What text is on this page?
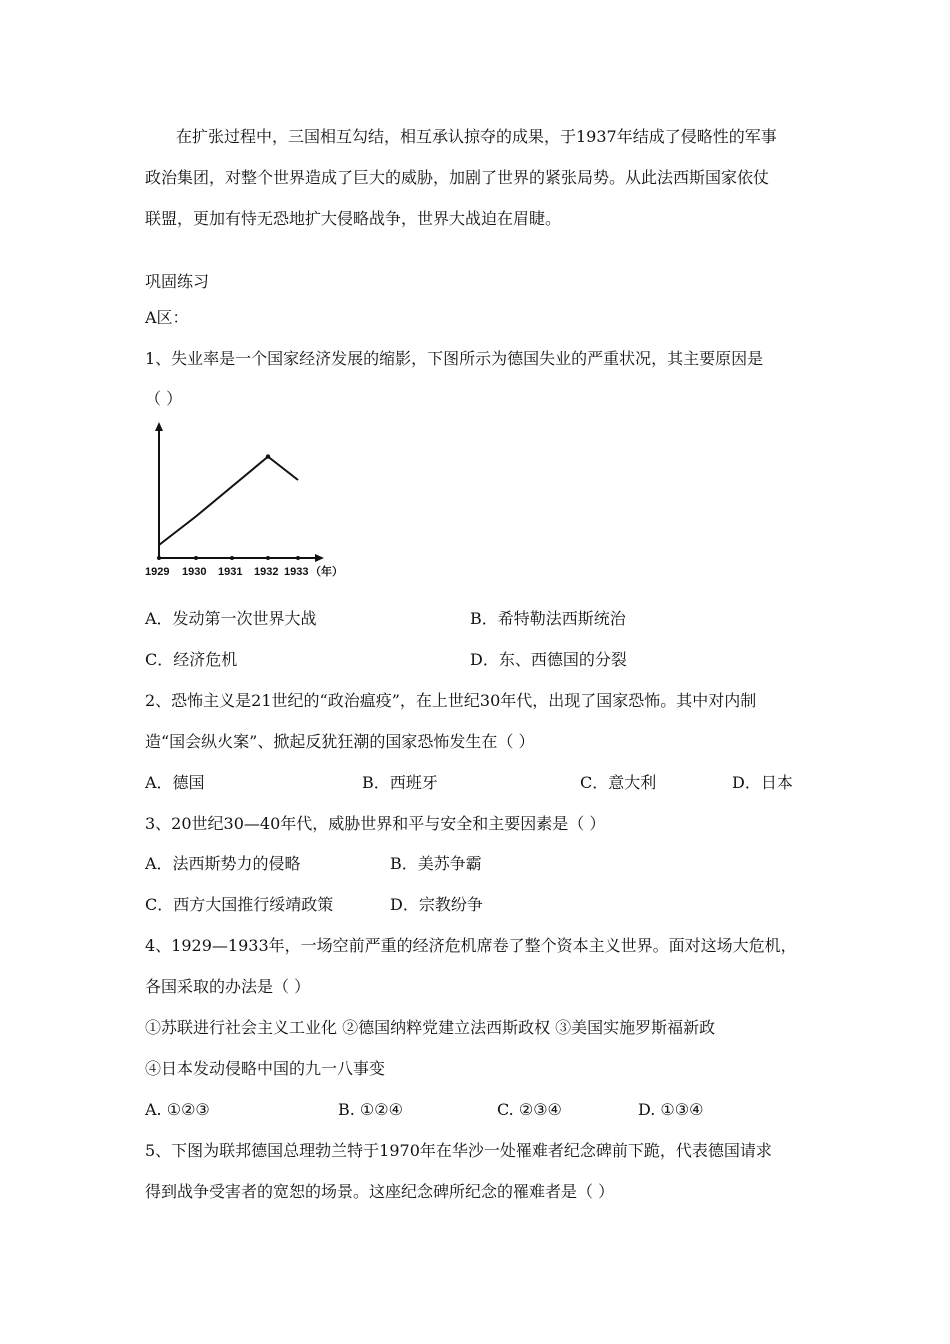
在扩张过程中，三国相互勾结，相互承认掠夺的成果，于1937年结成了侵略性的军事
政治集团，对整个世界造成了巨大的威胁，加剧了世界的紧张局势。从此法西斯国家依仗
联盟，更加有恃无恐地扩大侵略战争，世界大战迫在眉睫。
巩固练习
A区：
1、失业率是一个国家经济发展的缩影，下图所示为德国失业的严重状况，其主要原因是
（ ）
1929 1930 1931 1932 1933 （年）
A．发动第一次世界大战	B．希特勒法西斯统治
C．经济危机	D．东、西德国的分裂
2、恐怖主义是21世纪的“政治瘟疫”，在上世纪30年代，出现了国家恐怖。其中对内制
造“国会纵火案”、掀起反犹狂潮的国家恐怖发生在（ ）
A．德国	B．西班牙	C．意大利	D．日本
3、20世纪30—40年代，威胁世界和平与安全和主要因素是（ ）
A．法西斯势力的侵略	B．美苏争霸
C．西方大国推行绥靖政策	D．宗教纷争
4、1929—1933年，一场空前严重的经济危机席卷了整个资本主义世界。面对这场大危机，
各国采取的办法是（ ）
①苏联进行社会主义工业化 ②德国纳粹党建立法西斯政权 ③美国实施罗斯福新政
④日本发动侵略中国的九一八事变
A. ①②③	B. ①②④	C. ②③④	D. ①③④
5、下图为联邦德国总理勃兰特于1970年在华沙一处罹难者纪念碑前下跪，代表德国请求
得到战争受害者的宽恕的场景。这座纪念碑所纪念的罹难者是（ ）
